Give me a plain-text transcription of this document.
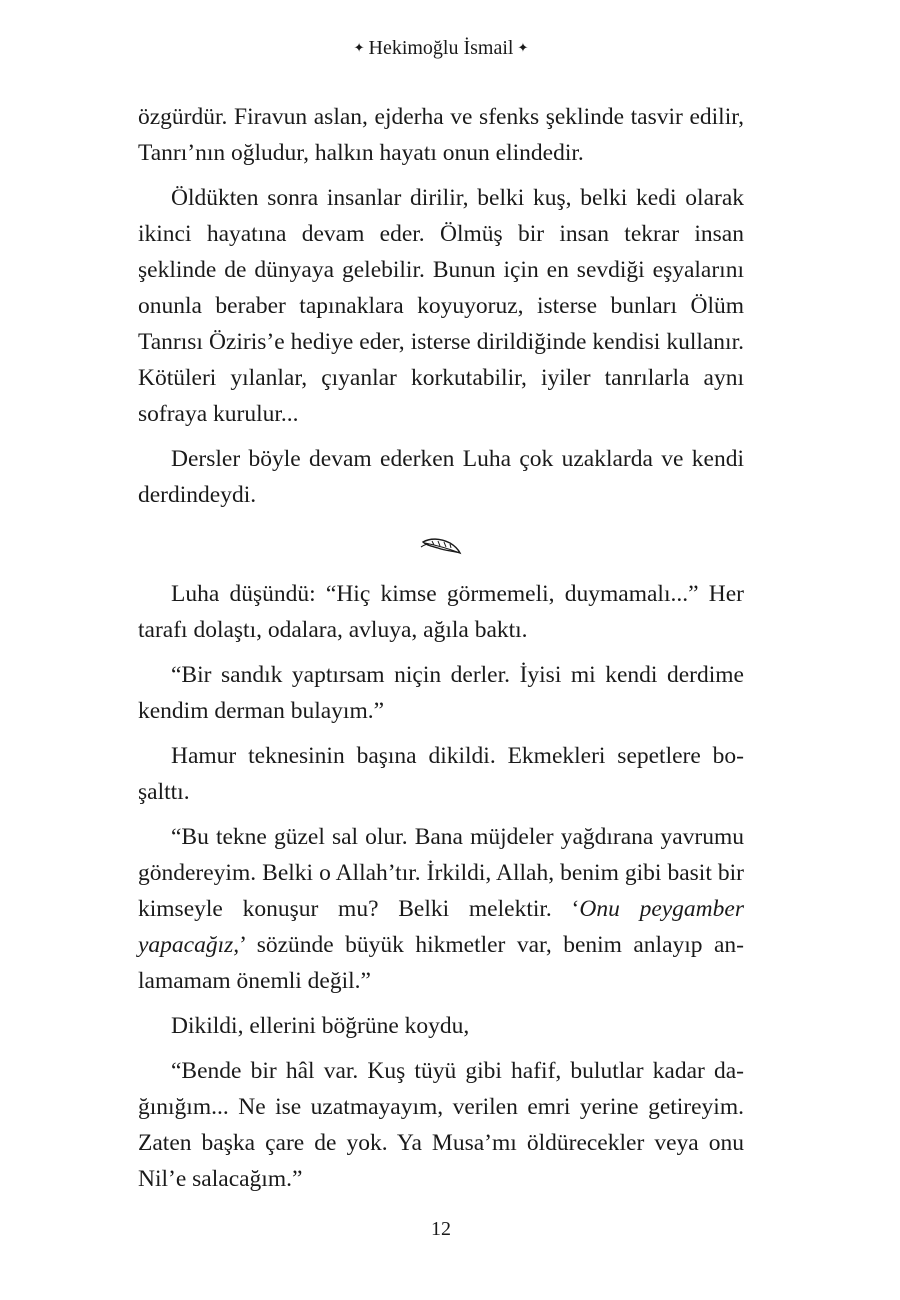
✦ Hekimoğlu İsmail ✦

özgürdür. Firavun aslan, ejderha ve sfenks şeklinde tasvir edilir, Tanrı’nın oğludur, halkın hayatı onun elindedir.

Öldükten sonra insanlar dirilir, belki kuş, belki kedi olarak ikinci hayatına devam eder. Ölmüş bir insan tekrar insan şeklinde de dünyaya gelebilir. Bunun için en sevdiği eşyalarını onunla beraber tapınaklara koyuyoruz, isterse bunları Ölüm Tanrısı Öziris’e hediye eder, isterse dirildiğinde kendisi kullanır. Kötüleri yılanlar, çıyanlar korkutabilir, iyiler tanrılarla aynı sofraya kurulur...

Dersler böyle devam ederken Luha çok uzaklarda ve kendi derdindeydi.

Luha düşündü: “Hiç kimse görmemeli, duymamalı...” Her tarafı dolaştı, odalara, avluya, ağıla baktı.

“Bir sandık yaptırsam niçin derler. İyisi mi kendi derdime kendim derman bulayım.”

Hamur teknesinin başına dikildi. Ekmekleri sepetlere boşalttı.

“Bu tekne güzel sal olur. Bana müjdeler yağdırana yavrumu göndereyim. Belki o Allah’tır. İrkildi, Allah, benim gibi basit bir kimseyle konuşur mu? Belki melektir. ‘Onu peygamber yapacağız,’ sözünde büyük hikmetler var, benim anlayıp anlamamam önemli değil.”

Dikildi, ellerini böğrüne koydu,

“Bende bir hâl var. Kuş tüyü gibi hafif, bulutlar kadar dağınığım... Ne ise uzatmayayım, verilen emri yerine getireyim. Zaten başka çare de yok. Ya Musa’mı öldürecekler veya onu Nil’e salacağım.”

12
